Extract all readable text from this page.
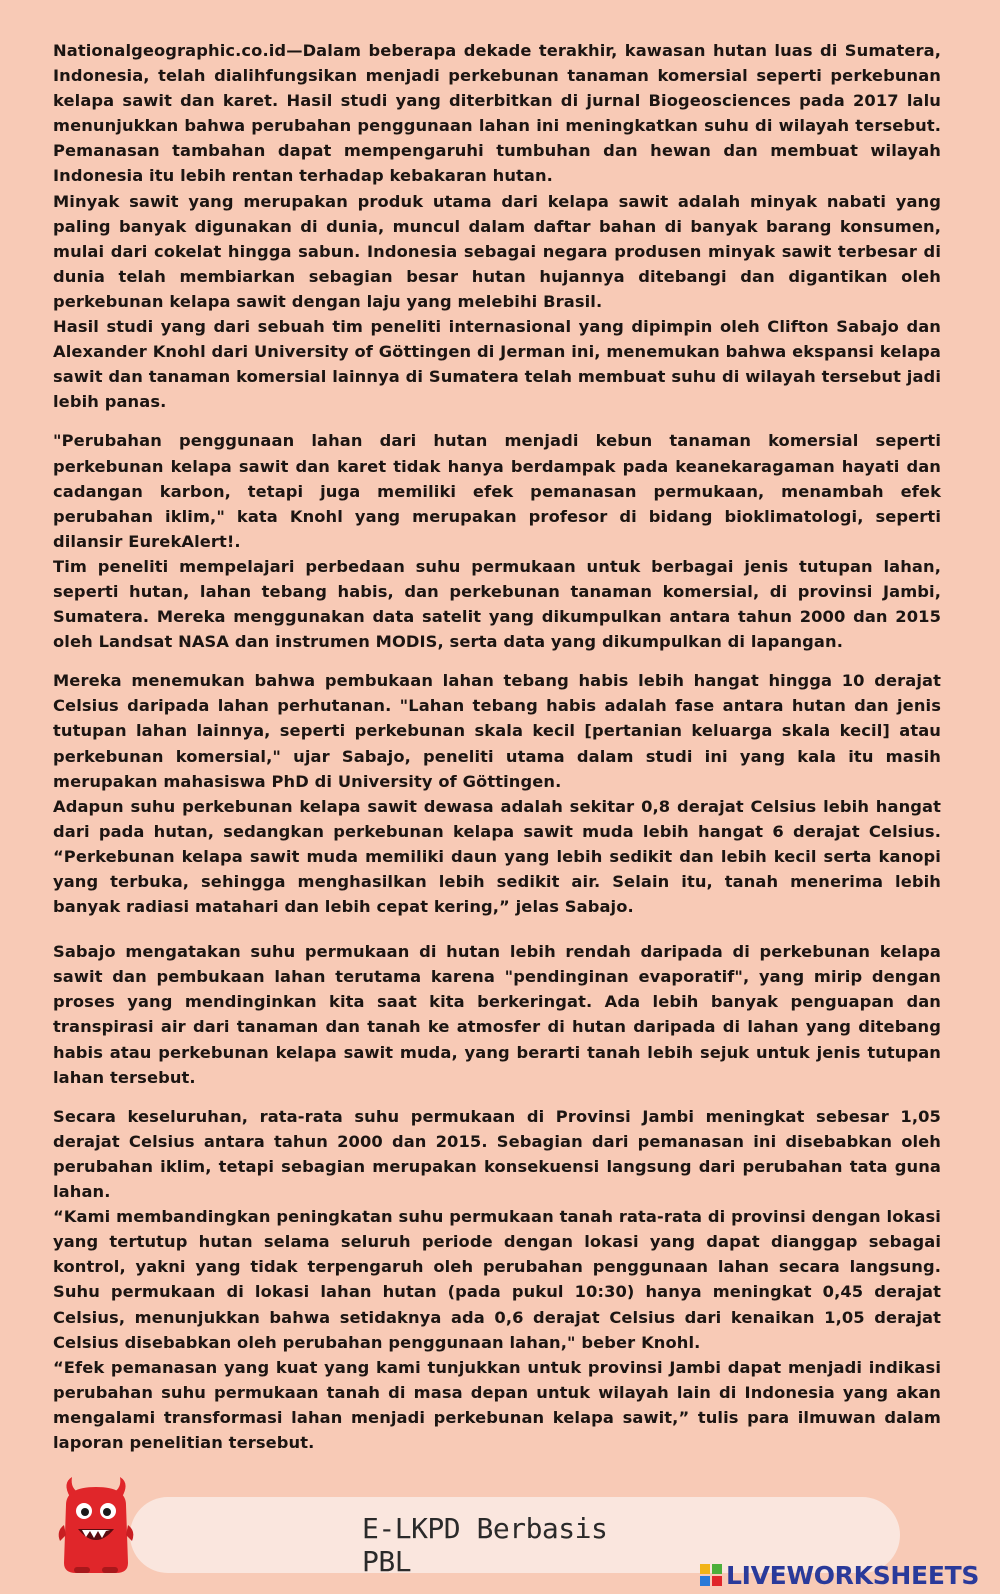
Nationalgeographic.co.id—Dalam beberapa dekade terakhir, kawasan hutan luas di Sumatera, Indonesia, telah dialihfungsikan menjadi perkebunan tanaman komersial seperti perkebunan kelapa sawit dan karet. Hasil studi yang diterbitkan di jurnal Biogeosciences pada 2017 lalu menunjukkan bahwa perubahan penggunaan lahan ini meningkatkan suhu di wilayah tersebut. Pemanasan tambahan dapat mempengaruhi tumbuhan dan hewan dan membuat wilayah Indonesia itu lebih rentan terhadap kebakaran hutan.

Minyak sawit yang merupakan produk utama dari kelapa sawit adalah minyak nabati yang paling banyak digunakan di dunia, muncul dalam daftar bahan di banyak barang konsumen, mulai dari cokelat hingga sabun. Indonesia sebagai negara produsen minyak sawit terbesar di dunia telah membiarkan sebagian besar hutan hujannya ditebangi dan digantikan oleh perkebunan kelapa sawit dengan laju yang melebihi Brasil.

Hasil studi yang dari sebuah tim peneliti internasional yang dipimpin oleh Clifton Sabajo dan Alexander Knohl dari University of Göttingen di Jerman ini, menemukan bahwa ekspansi kelapa sawit dan tanaman komersial lainnya di Sumatera telah membuat suhu di wilayah tersebut jadi lebih panas.

"Perubahan penggunaan lahan dari hutan menjadi kebun tanaman komersial seperti perkebunan kelapa sawit dan karet tidak hanya berdampak pada keanekaragaman hayati dan cadangan karbon, tetapi juga memiliki efek pemanasan permukaan, menambah efek perubahan iklim," kata Knohl yang merupakan profesor di bidang bioklimatologi, seperti dilansir EurekAlert!.

Tim peneliti mempelajari perbedaan suhu permukaan untuk berbagai jenis tutupan lahan, seperti hutan, lahan tebang habis, dan perkebunan tanaman komersial, di provinsi Jambi, Sumatera. Mereka menggunakan data satelit yang dikumpulkan antara tahun 2000 dan 2015 oleh Landsat NASA dan instrumen MODIS, serta data yang dikumpulkan di lapangan.

Mereka menemukan bahwa pembukaan lahan tebang habis lebih hangat hingga 10 derajat Celsius daripada lahan perhutanan. "Lahan tebang habis adalah fase antara hutan dan jenis tutupan lahan lainnya, seperti perkebunan skala kecil [pertanian keluarga skala kecil] atau perkebunan komersial," ujar Sabajo, peneliti utama dalam studi ini yang kala itu masih merupakan mahasiswa PhD di University of Göttingen.

Adapun suhu perkebunan kelapa sawit dewasa adalah sekitar 0,8 derajat Celsius lebih hangat dari pada hutan, sedangkan perkebunan kelapa sawit muda lebih hangat 6 derajat Celsius. “Perkebunan kelapa sawit muda memiliki daun yang lebih sedikit dan lebih kecil serta kanopi yang terbuka, sehingga menghasilkan lebih sedikit air. Selain itu, tanah menerima lebih banyak radiasi matahari dan lebih cepat kering,” jelas Sabajo.

Sabajo mengatakan suhu permukaan di hutan lebih rendah daripada di perkebunan kelapa sawit dan pembukaan lahan terutama karena "pendinginan evaporatif", yang mirip dengan proses yang mendinginkan kita saat kita berkeringat. Ada lebih banyak penguapan dan transpirasi air dari tanaman dan tanah ke atmosfer di hutan daripada di lahan yang ditebang habis atau perkebunan kelapa sawit muda, yang berarti tanah lebih sejuk untuk jenis tutupan lahan tersebut.

Secara keseluruhan, rata-rata suhu permukaan di Provinsi Jambi meningkat sebesar 1,05 derajat Celsius antara tahun 2000 dan 2015. Sebagian dari pemanasan ini disebabkan oleh perubahan iklim, tetapi sebagian merupakan konsekuensi langsung dari perubahan tata guna lahan.

“Kami membandingkan peningkatan suhu permukaan tanah rata-rata di provinsi dengan lokasi yang tertutup hutan selama seluruh periode dengan lokasi yang dapat dianggap sebagai kontrol, yakni yang tidak terpengaruh oleh perubahan penggunaan lahan secara langsung. Suhu permukaan di lokasi lahan hutan (pada pukul 10:30) hanya meningkat 0,45 derajat Celsius, menunjukkan bahwa setidaknya ada 0,6 derajat Celsius dari kenaikan 1,05 derajat Celsius disebabkan oleh perubahan penggunaan lahan," beber Knohl.

“Efek pemanasan yang kuat yang kami tunjukkan untuk provinsi Jambi dapat menjadi indikasi perubahan suhu permukaan tanah di masa depan untuk wilayah lain di Indonesia yang akan mengalami transformasi lahan menjadi perkebunan kelapa sawit,” tulis para ilmuwan dalam laporan penelitian tersebut.

E-LKPD Berbasis PBL	LIVEWORKSHEETS
